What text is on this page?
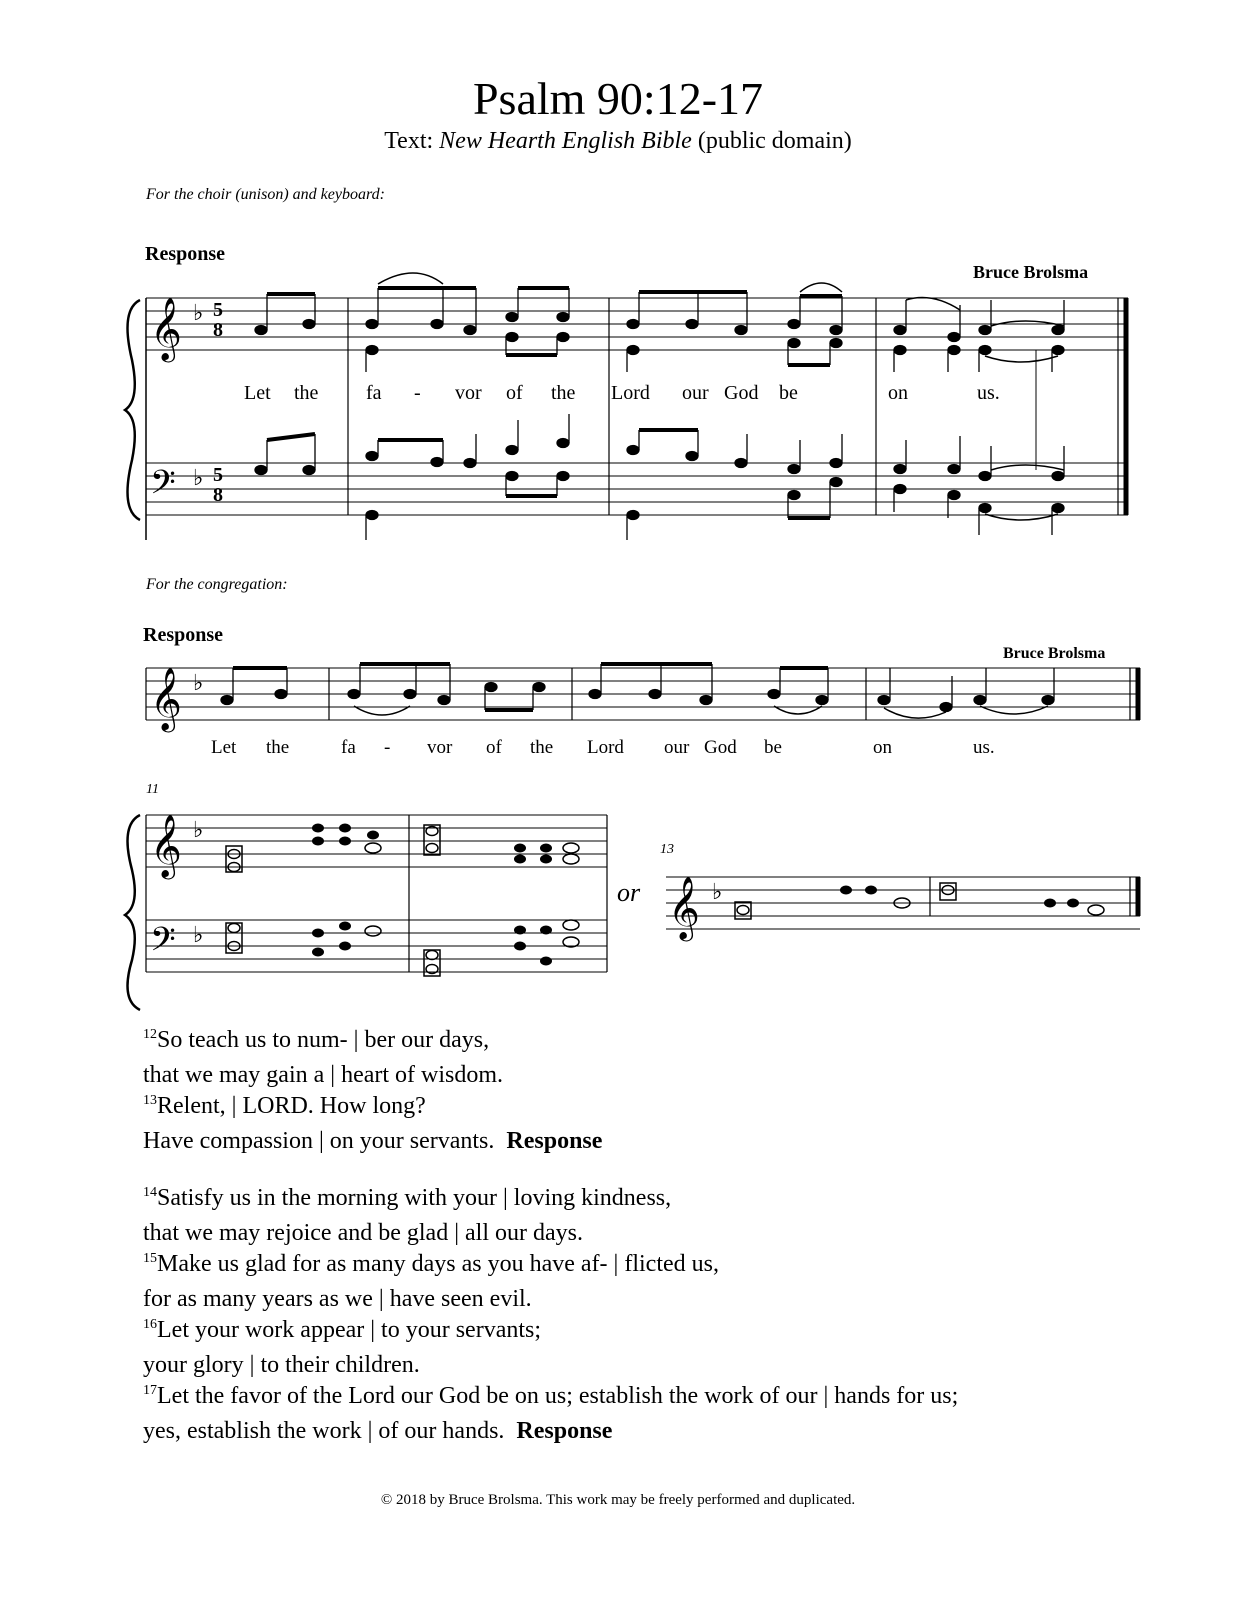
Psalm 90:12-17
Text: New Hearth English Bible (public domain)
For the choir (unison) and keyboard:
Response
Bruce Brolsma
𝄞
𝄢
♭
♭
5
8
5
8
Let the fa - vor of the Lord our God be	on	us.
For the congregation:
Response
Bruce Brolsma
𝄞 ♭
Let the	fa - vor of the Lord our God be	on	us.
11
13
or
𝄞
𝄢
♭
♭	𝄞 ♭
$^{12}$So teach us to num- | ber our days,
that we may gain a | heart of wisdom.
$^{13}$Relent, | LORD. How long?
Have compassion | on your servants. Response
$^{14}$Satisfy us in the morning with your | loving kindness,
that we may rejoice and be glad | all our days.
$^{15}$Make us glad for as many days as you have af- | flicted us,
for as many years as we | have seen evil.
$^{16}$Let your work appear | to your servants;
your glory | to their children.
$^{17}$Let the favor of the Lord our God be on us; establish the work of our | hands for us;
yes, establish the work | of our hands. Response
© 2018 by Bruce Brolsma. This work may be freely performed and duplicated.
